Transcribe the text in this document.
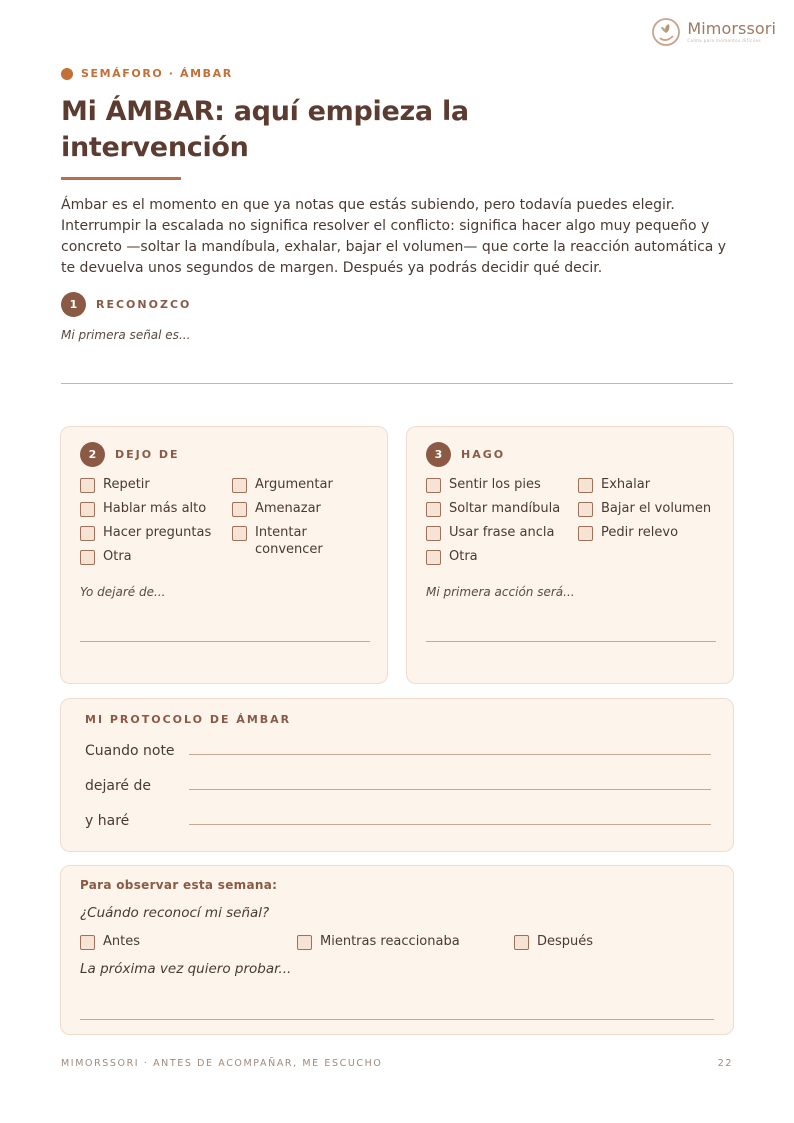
Mimorssori
Calma para momentos difíciles
SEMÁFORO · ÁMBAR
Mi ÁMBAR: aquí empieza la intervención

Ámbar es el momento en que ya notas que estás subiendo, pero todavía puedes elegir. Interrumpir la escalada no significa resolver el conflicto: significa hacer algo muy pequeño y concreto —soltar la mandíbula, exhalar, bajar el volumen— que corte la reacción automática y te devuelva unos segundos de margen. Después ya podrás decidir qué decir.

1	RECONOZCO
Mi primera señal es...
2	DEJO DE
Repetir	Argumentar
Hablar más alto	Amenazar
Hacer preguntas	Intentar convencer
Otra
Yo dejaré de...
3	HAGO
Sentir los pies	Exhalar
Soltar mandíbula	Bajar el volumen
Usar frase ancla	Pedir relevo
Otra
Mi primera acción será...
MI PROTOCOLO DE ÁMBAR
Cuando note
dejaré de
y haré
Para observar esta semana:
¿Cuándo reconocí mi señal?
Antes	Mientras reaccionaba	Después
La próxima vez quiero probar...
MIMORSSORI · ANTES DE ACOMPAÑAR, ME ESCUCHO	22
